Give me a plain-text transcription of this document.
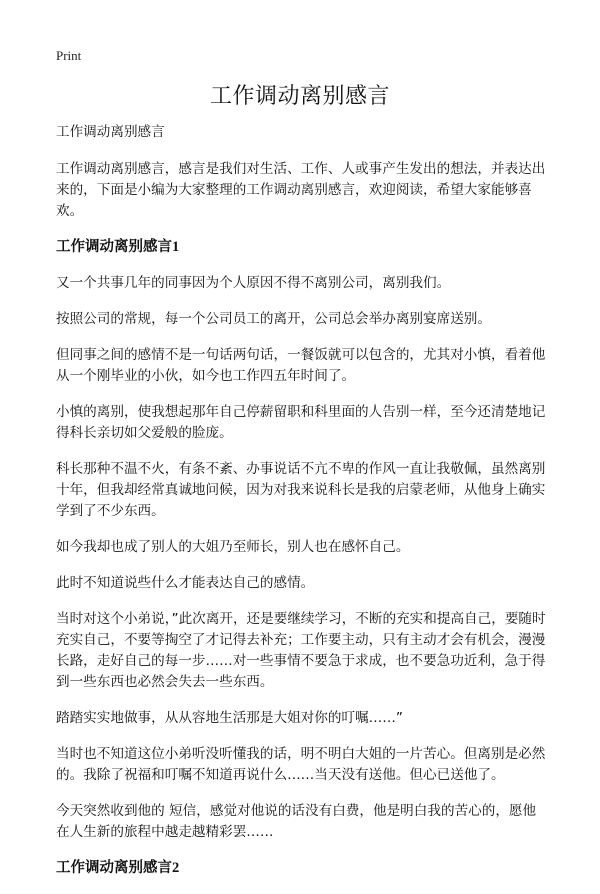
Print
工作调动离别感言

工作调动离别感言

工作调动离别感言，感言是我们对生活、工作、人或事产生发出的想法，并表达出来的，下面是小编为大家整理的工作调动离别感言，欢迎阅读，希望大家能够喜欢。

工作调动离别感言1

又一个共事几年的同事因为个人原因不得不离别公司，离别我们。

按照公司的常规，每一个公司员工的离开，公司总会举办离别宴席送别。

但同事之间的感情不是一句话两句话，一餐饭就可以包含的，尤其对小慎，看着他从一个刚毕业的小伙，如今也工作四五年时间了。

小慎的离别，使我想起那年自己停薪留职和科里面的人告别一样，至今还清楚地记得科长亲切如父爱般的脸庞。

科长那种不温不火，有条不紊、办事说话不亢不卑的作风一直让我敬佩，虽然离别十年，但我却经常真诚地问候，因为对我来说科长是我的启蒙老师，从他身上确实学到了不少东西。

如今我却也成了别人的大姐乃至师长，别人也在感怀自己。

此时不知道说些什么才能表达自己的感情。

当时对这个小弟说，”此次离开，还是要继续学习，不断的充实和提高自己，要随时充实自己，不要等掏空了才记得去补充；工作要主动，只有主动才会有机会，漫漫长路，走好自己的每一步……对一些事情不要急于求成，也不要急功近利，急于得到一些东西也必然会失去一些东西。

踏踏实实地做事，从从容地生活那是大姐对你的叮嘱……”

当时也不知道这位小弟听没听懂我的话，明不明白大姐的一片苦心。但离别是必然的。我除了祝福和叮嘱不知道再说什么……当天没有送他。但心已送他了。

今天突然收到他的 短信，感觉对他说的话没有白费，他是明白我的苦心的，愿他在人生新的旅程中越走越精彩罢……

工作调动离别感言2
